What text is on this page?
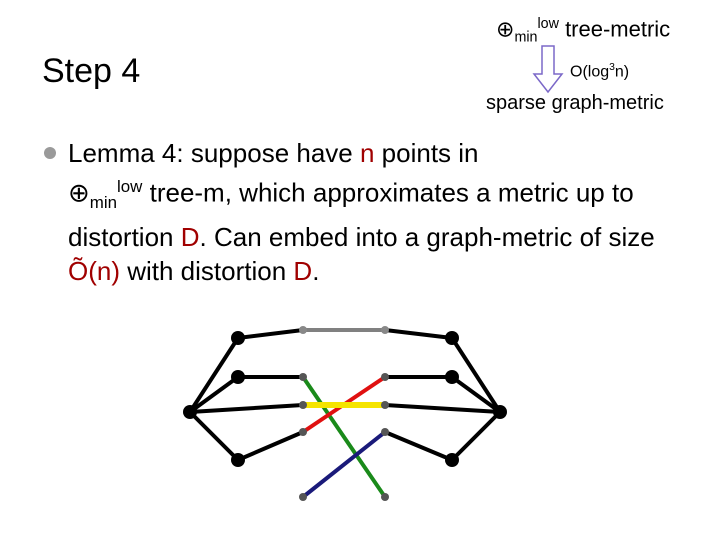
Step 4
$\oplus_{min}^{low}$ tree-metric
$O(\log^3n)$
sparse graph-metric
Lemma 4: suppose have n points in
$\oplus_{min}^{low}$ tree-m, which approximates a metric up to distortion D. Can embed into a graph-metric of size Õ(n) with distortion D.
